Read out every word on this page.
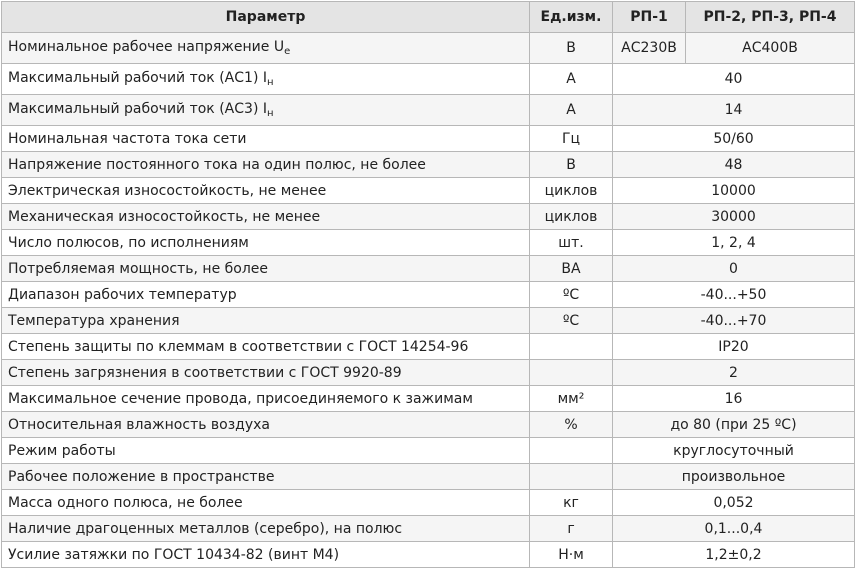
Параметр	Ед.изм.	РП-1	РП-2, РП-3, РП-4
Номинальное рабочее напряжение $U_e$	В	АС230В	АС400В
Максимальный рабочий ток (АС1) $I_н$	А	40	
Максимальный рабочий ток (АС3) $I_н$	А	14	
Номинальная частота тока сети	Гц	50/60	
Напряжение постоянного тока на один полюс, не более	В	48	
Электрическая износостойкость, не менее	циклов	10000	
Механическая износостойкость, не менее	циклов	30000	
Число полюсов, по исполнениям	шт.	1, 2, 4	
Потребляемая мощность, не более	ВА	0	
Диапазон рабочих температур	ºС	-40...+50	
Температура хранения	ºС	-40...+70	
Степень защиты по клеммам в соответствии с ГОСТ 14254-96		IP20	
Степень загрязнения в соответствии с ГОСТ 9920-89		2	
Максимальное сечение провода, присоединяемого к зажимам	мм²	16	
Относительная влажность воздуха	%	до 80 (при 25 ºС)	
Режим работы		круглосуточный	
Рабочее положение в пространстве		произвольное	
Масса одного полюса, не более	кг	0,052	
Наличие драгоценных металлов (серебро), на полюс	г	0,1...0,4	
Усилие затяжки по ГОСТ 10434-82 (винт М4)	Н·м	1,2±0,2	
